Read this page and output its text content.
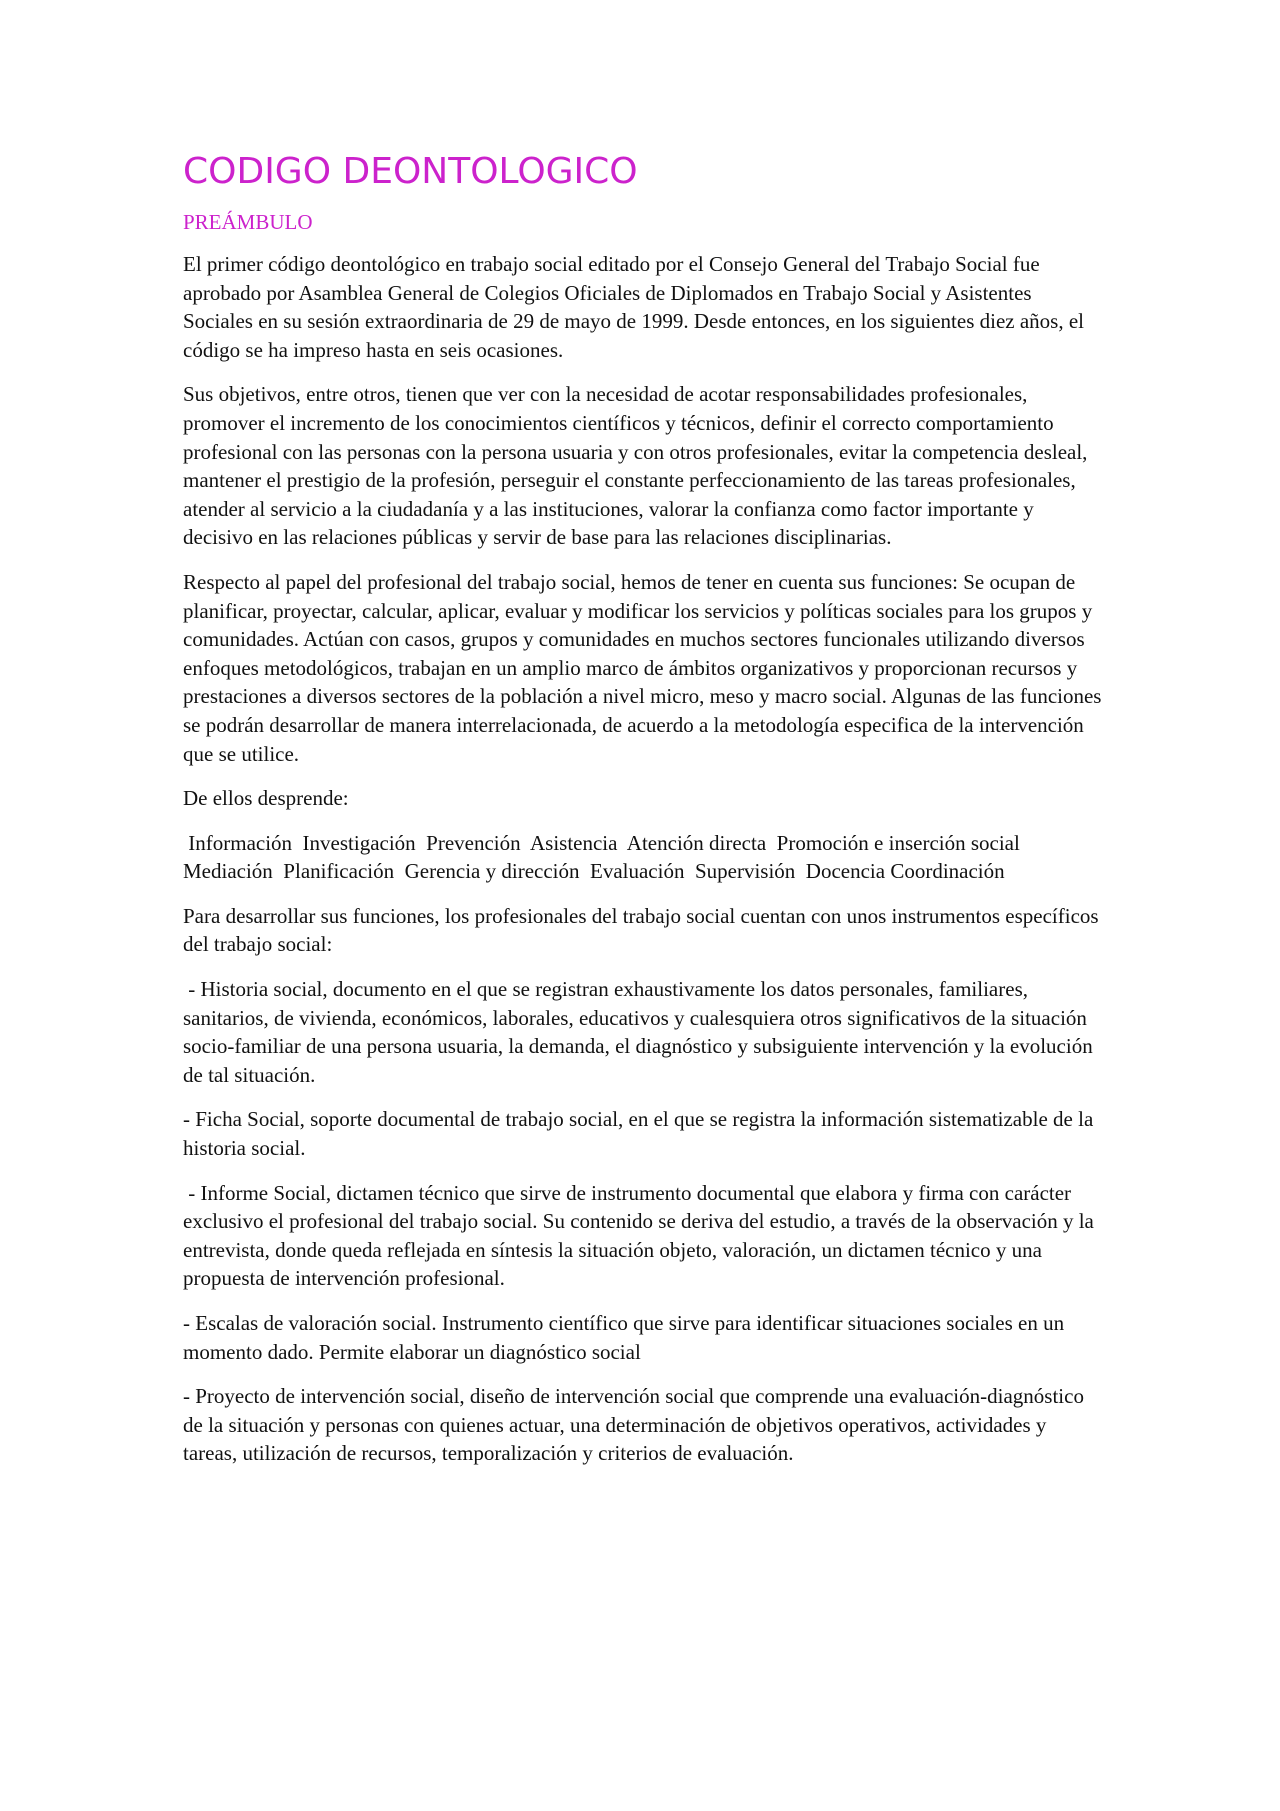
CODIGO DEONTOLOGICO
PREÁMBULO

El primer código deontológico en trabajo social editado por el Consejo General del Trabajo Social fue aprobado por Asamblea General de Colegios Oficiales de Diplomados en Trabajo Social y Asistentes Sociales en su sesión extraordinaria de 29 de mayo de 1999. Desde entonces, en los siguientes diez años, el código se ha impreso hasta en seis ocasiones.

Sus objetivos, entre otros, tienen que ver con la necesidad de acotar responsabilidades profesionales, promover el incremento de los conocimientos científicos y técnicos, definir el correcto comportamiento profesional con las personas con la persona usuaria y con otros profesionales, evitar la competencia desleal, mantener el prestigio de la profesión, perseguir el constante perfeccionamiento de las tareas profesionales, atender al servicio a la ciudadanía y a las instituciones, valorar la confianza como factor importante y decisivo en las relaciones públicas y servir de base para las relaciones disciplinarias.

Respecto al papel del profesional del trabajo social, hemos de tener en cuenta sus funciones: Se ocupan de planificar, proyectar, calcular, aplicar, evaluar y modificar los servicios y políticas sociales para los grupos y comunidades. Actúan con casos, grupos y comunidades en muchos sectores funcionales utilizando diversos enfoques metodológicos, trabajan en un amplio marco de ámbitos organizativos y proporcionan recursos y prestaciones a diversos sectores de la población a nivel micro, meso y macro social. Algunas de las funciones se podrán desarrollar de manera interrelacionada, de acuerdo a la metodología especifica de la intervención que se utilice.

De ellos desprende:

Información  Investigación  Prevención  Asistencia  Atención directa  Promoción e inserción social  Mediación  Planificación  Gerencia y dirección  Evaluación  Supervisión  Docencia Coordinación

Para desarrollar sus funciones, los profesionales del trabajo social cuentan con unos instrumentos específicos del trabajo social:

- Historia social, documento en el que se registran exhaustivamente los datos personales, familiares, sanitarios, de vivienda, económicos, laborales, educativos y cualesquiera otros significativos de la situación socio-familiar de una persona usuaria, la demanda, el diagnóstico y subsiguiente intervención y la evolución de tal situación.

- Ficha Social, soporte documental de trabajo social, en el que se registra la información sistematizable de la historia social.

- Informe Social, dictamen técnico que sirve de instrumento documental que elabora y firma con carácter exclusivo el profesional del trabajo social. Su contenido se deriva del estudio, a través de la observación y la entrevista, donde queda reflejada en síntesis la situación objeto, valoración, un dictamen técnico y una propuesta de intervención profesional.

- Escalas de valoración social. Instrumento científico que sirve para identificar situaciones sociales en un momento dado. Permite elaborar un diagnóstico social

- Proyecto de intervención social, diseño de intervención social que comprende una evaluación-diagnóstico de la situación y personas con quienes actuar, una determinación de objetivos operativos, actividades y tareas, utilización de recursos, temporalización y criterios de evaluación.
